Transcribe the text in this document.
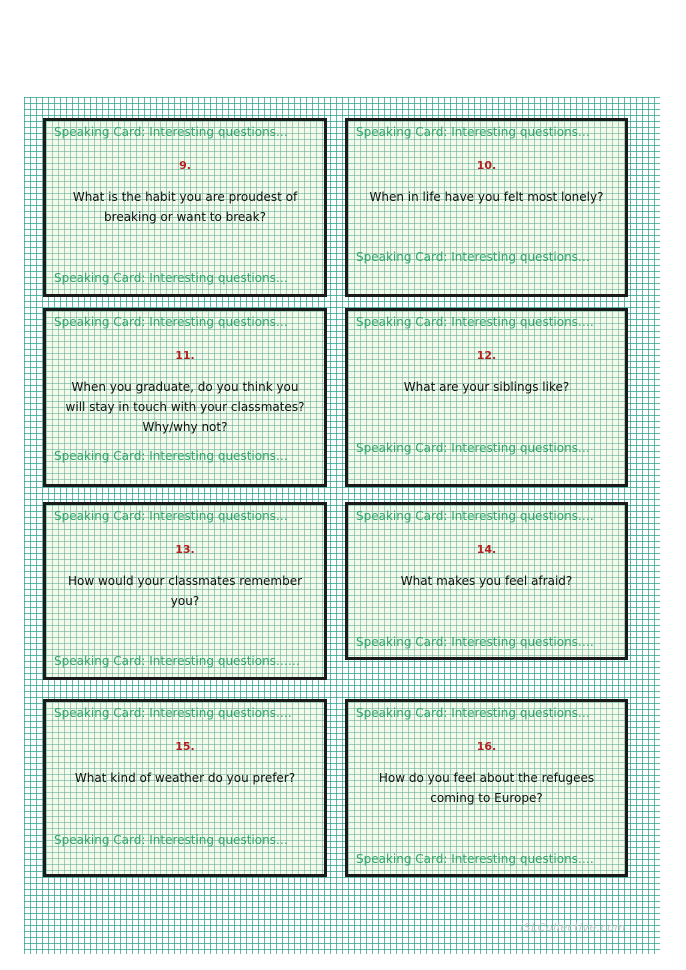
Speaking Card: Interesting questions…
9.
What is the habit you are proudest of breaking or want to break?
Speaking Card: Interesting questions…
Speaking Card: Interesting questions…
10.
When in life have you felt most lonely?
Speaking Card: Interesting questions…
Speaking Card: Interesting questions…
11.
When you graduate, do you think you will stay in touch with your classmates? Why/why not?
Speaking Card: Interesting questions…
Speaking Card: Interesting questions….
12.
What are your siblings like?
Speaking Card: Interesting questions…
Speaking Card: Interesting questions…
13.
How would your classmates remember you?
Speaking Card: Interesting questions……
Speaking Card: Interesting questions….
14.
What makes you feel afraid?
Speaking Card: Interesting questions….
Speaking Card: Interesting questions….
15.
What kind of weather do you prefer?
Speaking Card: Interesting questions…
Speaking Card: Interesting questions…
16.
How do you feel about the refugees coming to Europe?
Speaking Card: Interesting questions….
iSLCollective.com
